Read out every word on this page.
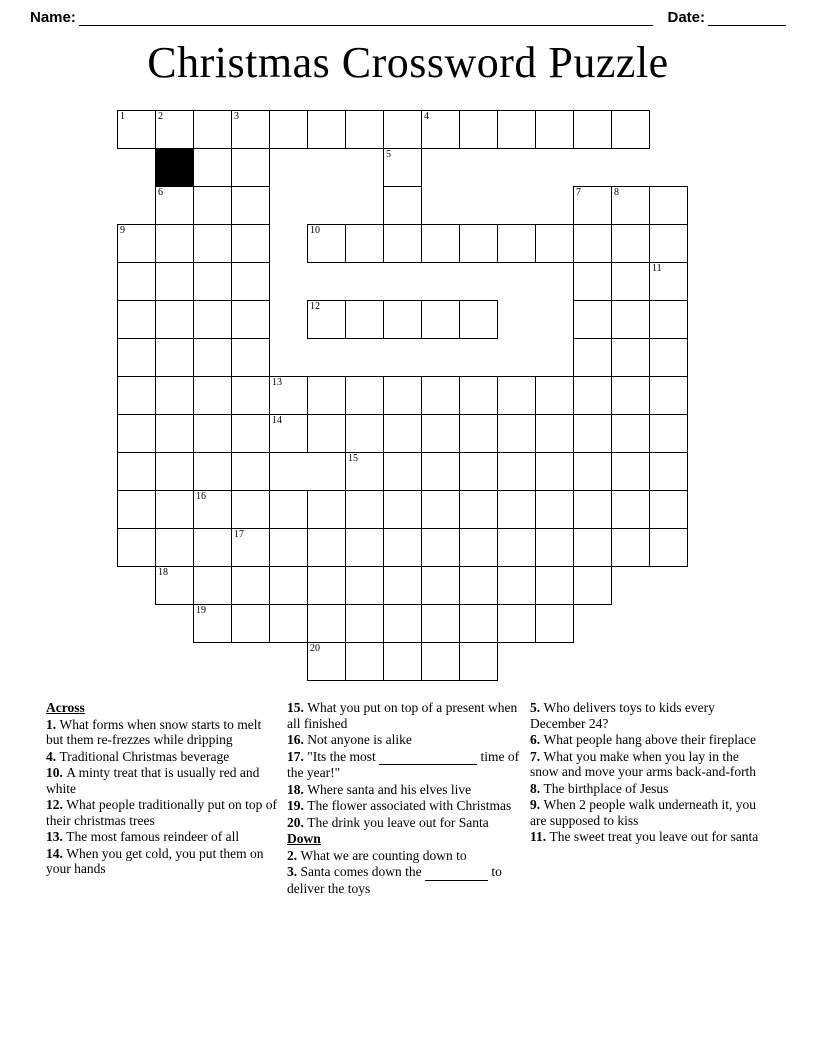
Name:	Date:
Christmas Crossword Puzzle
1	2	3	4
5
6	7	8
9	10
11
12
13
14
15
16
17
18
19
20
Across

1. What forms when snow starts to melt but them re-frezzes while dripping

4. Traditional Christmas beverage

10. A minty treat that is usually red and white

12. What people traditionally put on top of their christmas trees

13. The most famous reindeer of all

14. When you get cold, you put them on your hands

15. What you put on top of a present when all finished

16. Not anyone is alike

17. "Its the most	time of the year!"

18. Where santa and his elves live

19. The flower associated with Christmas

20. The drink you leave out for Santa

Down

2. What we are counting down to

3. Santa comes down the	to deliver the toys

5. Who delivers toys to kids every December 24?

6. What people hang above their fireplace

7. What you make when you lay in the snow and move your arms back-and-forth

8. The birthplace of Jesus

9. When 2 people walk underneath it, you are supposed to kiss

11. The sweet treat you leave out for santa
